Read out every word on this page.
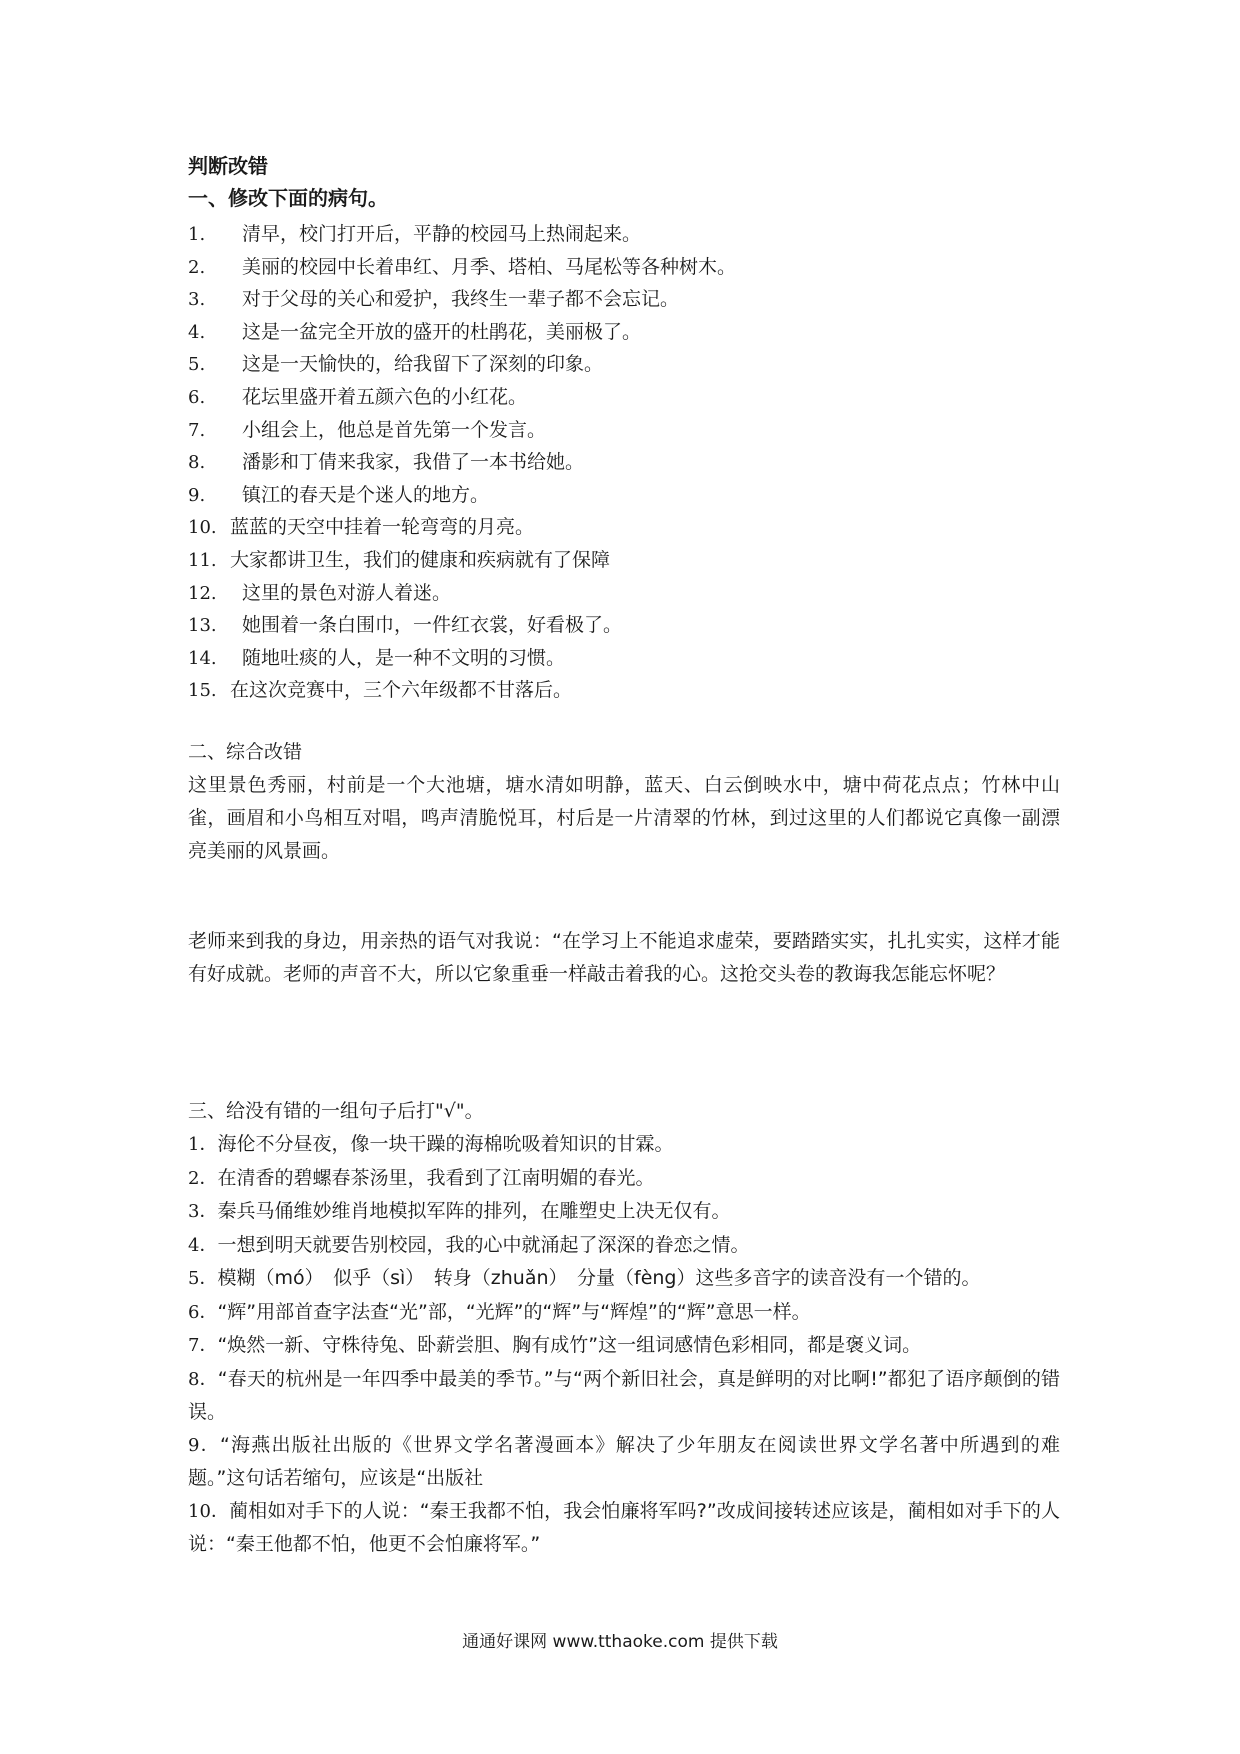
判断改错
一、修改下面的病句。
1. 清早，校门打开后，平静的校园马上热闹起来。
2. 美丽的校园中长着串红、月季、塔柏、马尾松等各种树木。
3. 对于父母的关心和爱护，我终生一辈子都不会忘记。
4. 这是一盆完全开放的盛开的杜鹃花，美丽极了。
5. 这是一天愉快的，给我留下了深刻的印象。
6. 花坛里盛开着五颜六色的小红花。
7. 小组会上，他总是首先第一个发言。
8. 潘影和丁倩来我家，我借了一本书给她。
9. 镇江的春天是个迷人的地方。
10. 蓝蓝的天空中挂着一轮弯弯的月亮。
11. 大家都讲卫生，我们的健康和疾病就有了保障
12. 这里的景色对游人着迷。
13. 她围着一条白围巾，一件红衣裳，好看极了。
14. 随地吐痰的人，是一种不文明的习惯。
15. 在这次竞赛中，三个六年级都不甘落后。
二、综合改错
这里景色秀丽，村前是一个大池塘，塘水清如明静，蓝天、白云倒映水中，塘中荷花点点；竹林中山雀，画眉和小鸟相互对唱，鸣声清脆悦耳，村后是一片清翠的竹林，到过这里的人们都说它真像一副漂亮美丽的风景画。
老师来到我的身边，用亲热的语气对我说：“在学习上不能追求虚荣，要踏踏实实，扎扎实实，这样才能有好成就。老师的声音不大，所以它象重垂一样敲击着我的心。这抢交头卷的教诲我怎能忘怀呢？
三、给没有错的一组句子后打"√"。
1．海伦不分昼夜，像一块干躁的海棉吮吸着知识的甘霖。
2．在清香的碧螺春茶汤里，我看到了江南明媚的春光。
3．秦兵马俑维妙维肖地模拟军阵的排列，在雕塑史上决无仅有。
4．一想到明天就要告别校园，我的心中就涌起了深深的眷恋之情。
5．模糊（mó）　似乎（sì）　转身（zhuǎn）　分量（fèng）这些多音字的读音没有一个错的。
6．“辉”用部首查字法查“光”部，“光辉”的“辉”与“辉煌”的“辉”意思一样。
7．“焕然一新、守株待兔、卧薪尝胆、胸有成竹”这一组词感情色彩相同，都是褒义词。
8．“春天的杭州是一年四季中最美的季节。”与“两个新旧社会，真是鲜明的对比啊!”都犯了语序颠倒的错误。
9．“海燕出版社出版的《世界文学名著漫画本》解决了少年朋友在阅读世界文学名著中所遇到的难题。”这句话若缩句，应该是“出版社
10．蔺相如对手下的人说：“秦王我都不怕，我会怕廉将军吗?”改成间接转述应该是，蔺相如对手下的人说：“秦王他都不怕，他更不会怕廉将军。”
通通好课网 www.tthaoke.com 提供下载
